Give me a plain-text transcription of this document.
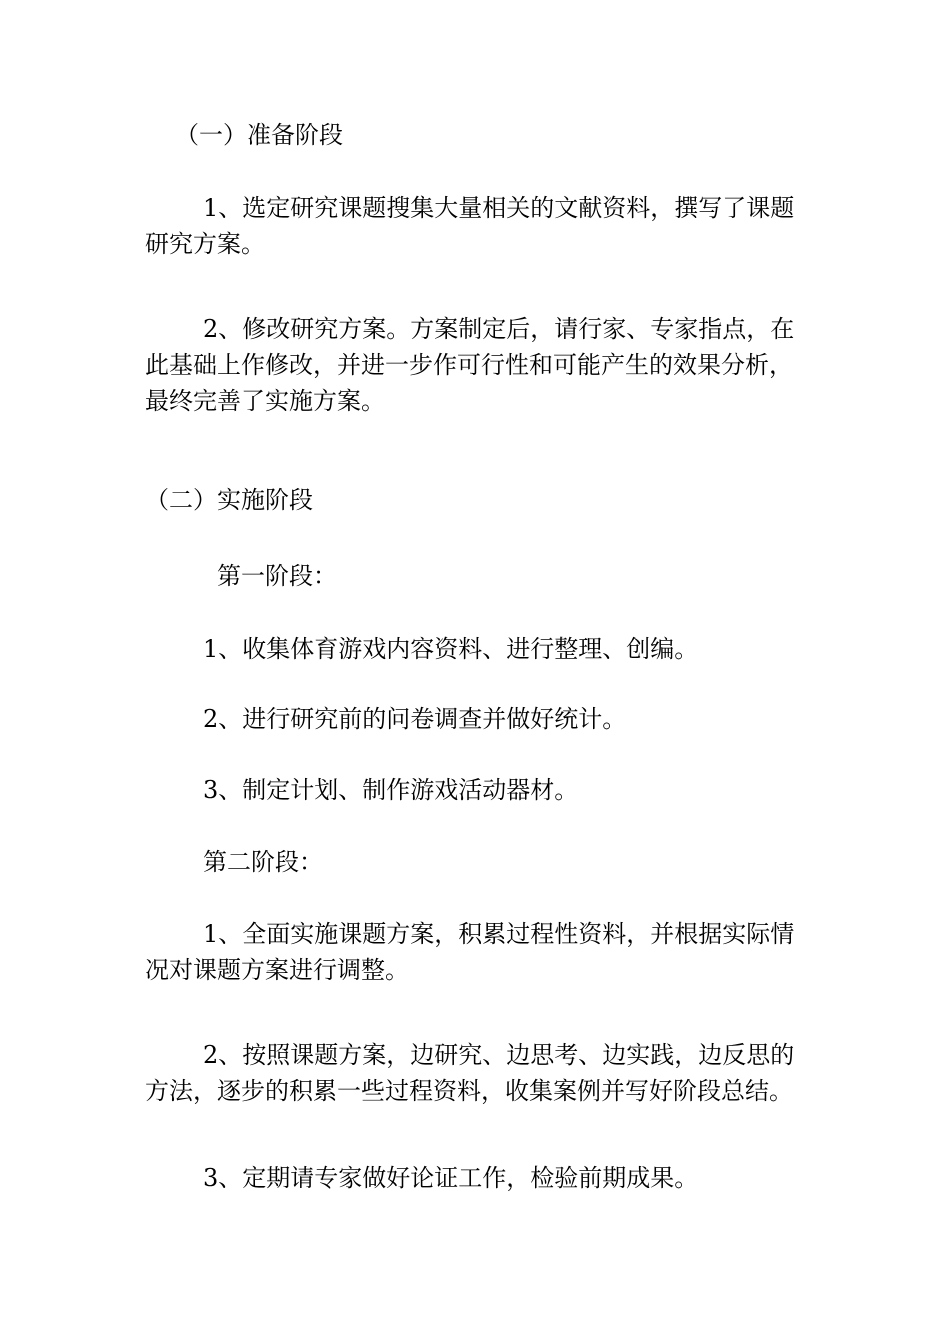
（一）准备阶段

1、选定研究课题搜集大量相关的文献资料，撰写了课题研究方案。

2、修改研究方案。方案制定后，请行家、专家指点，在此基础上作修改，并进一步作可行性和可能产生的效果分析，最终完善了实施方案。

（二）实施阶段

第一阶段：

1、收集体育游戏内容资料、进行整理、创编。

2、进行研究前的问卷调查并做好统计。

3、制定计划、制作游戏活动器材。

第二阶段：

1、全面实施课题方案，积累过程性资料，并根据实际情况对课题方案进行调整。

2、按照课题方案，边研究、边思考、边实践，边反思的方法，逐步的积累一些过程资料，收集案例并写好阶段总结。

3、定期请专家做好论证工作，检验前期成果。
